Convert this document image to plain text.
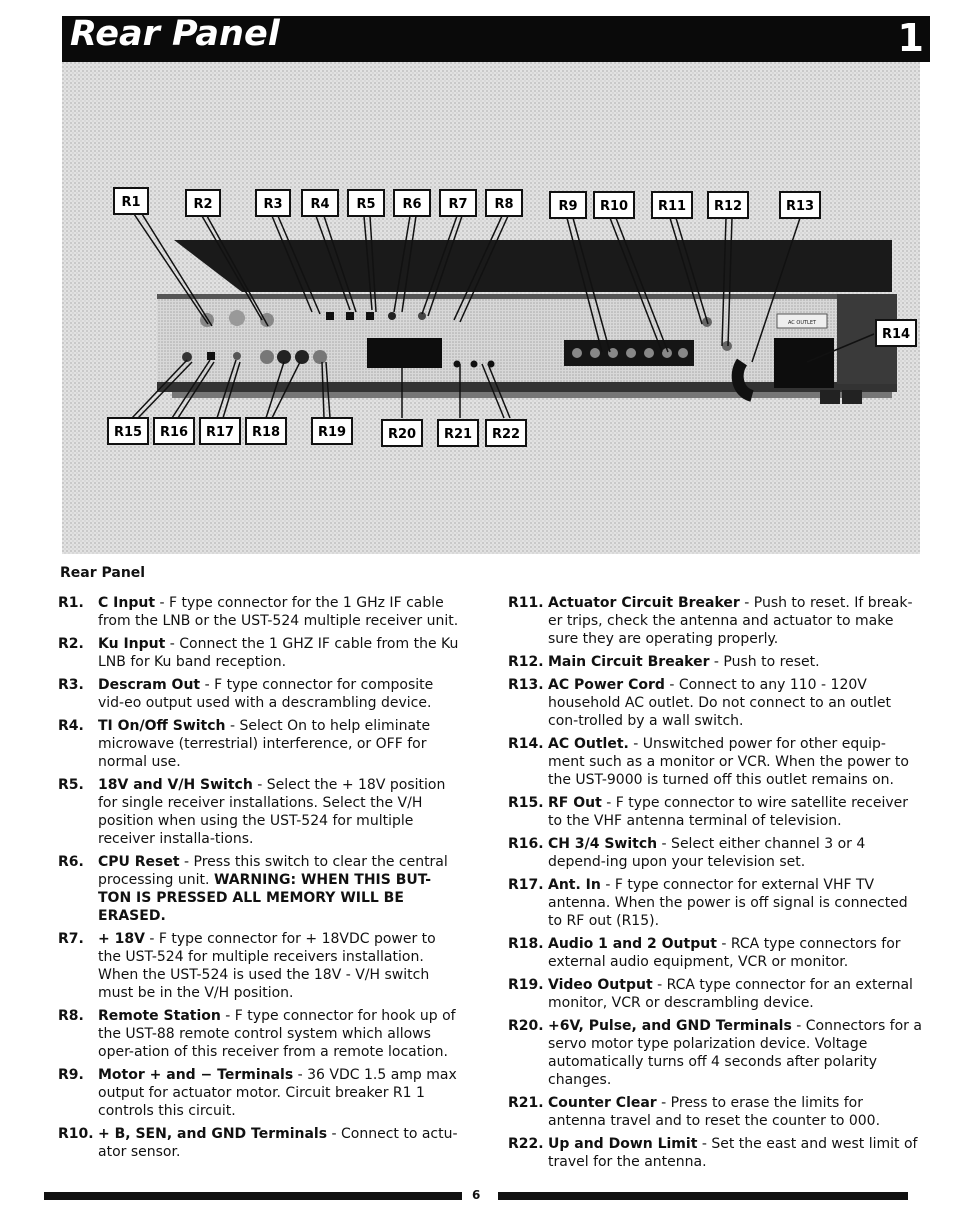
Rear Panel	1
AC OUTLET
R1	R2	R3 R4 R5 R6 R7 R8	R9 R10 R11 R12	R13
R14
R15 R16 R17 R18	R19	R20 R21 R22
Rear Panel
R1. C Input - F type connector for the 1 GHz IF cable from the LNB or the UST-524 multiple receiver unit.
R2. Ku Input - Connect the 1 GHZ IF cable from the Ku LNB for Ku band reception.
R3. Descram Out - F type connector for composite vid-eo output used with a descrambling device.
R4. TI On/Off Switch - Select On to help eliminate microwave (terrestrial) interference, or OFF for normal use.
R5. 18V and V/H Switch - Select the + 18V position for single receiver installations. Select the V/H position when using the UST-524 for multiple receiver installa-tions.
R6. CPU Reset - Press this switch to clear the central processing unit. WARNING: WHEN THIS BUT-TON IS PRESSED ALL MEMORY WILL BE ERASED.
R7. + 18V - F type connector for + 18VDC power to the UST-524 for multiple receivers installation. When the UST-524 is used the 18V - V/H switch must be in the V/H position.
R8. Remote Station - F type connector for hook up of the UST-88 remote control system which allows oper-ation of this receiver from a remote location.
R9. Motor + and − Terminals - 36 VDC 1.5 amp max output for actuator motor. Circuit breaker R1 1 controls this circuit.
R10. + B, SEN, and GND Terminals - Connect to actu-ator sensor.
R11. Actuator Circuit Breaker - Push to reset. If break-er trips, check the antenna and actuator to make sure they are operating properly.
R12. Main Circuit Breaker - Push to reset.
R13. AC Power Cord - Connect to any 110 - 120V household AC outlet. Do not connect to an outlet con-trolled by a wall switch.
R14. AC Outlet. - Unswitched power for other equip-ment such as a monitor or VCR. When the power to the UST-9000 is turned off this outlet remains on.
R15. RF Out - F type connector to wire satellite receiver to the VHF antenna terminal of television.
R16. CH 3/4 Switch - Select either channel 3 or 4 depend-ing upon your television set.
R17. Ant. In - F type connector for external VHF TV antenna. When the power is off signal is connected to RF out (R15).
R18. Audio 1 and 2 Output - RCA type connectors for external audio equipment, VCR or monitor.
R19. Video Output - RCA type connector for an external monitor, VCR or descrambling device.
R20. +6V, Pulse, and GND Terminals - Connectors for a servo motor type polarization device. Voltage automatically turns off 4 seconds after polarity changes.
R21. Counter Clear - Press to erase the limits for antenna travel and to reset the counter to 000.
R22. Up and Down Limit - Set the east and west limit of travel for the antenna.
6
